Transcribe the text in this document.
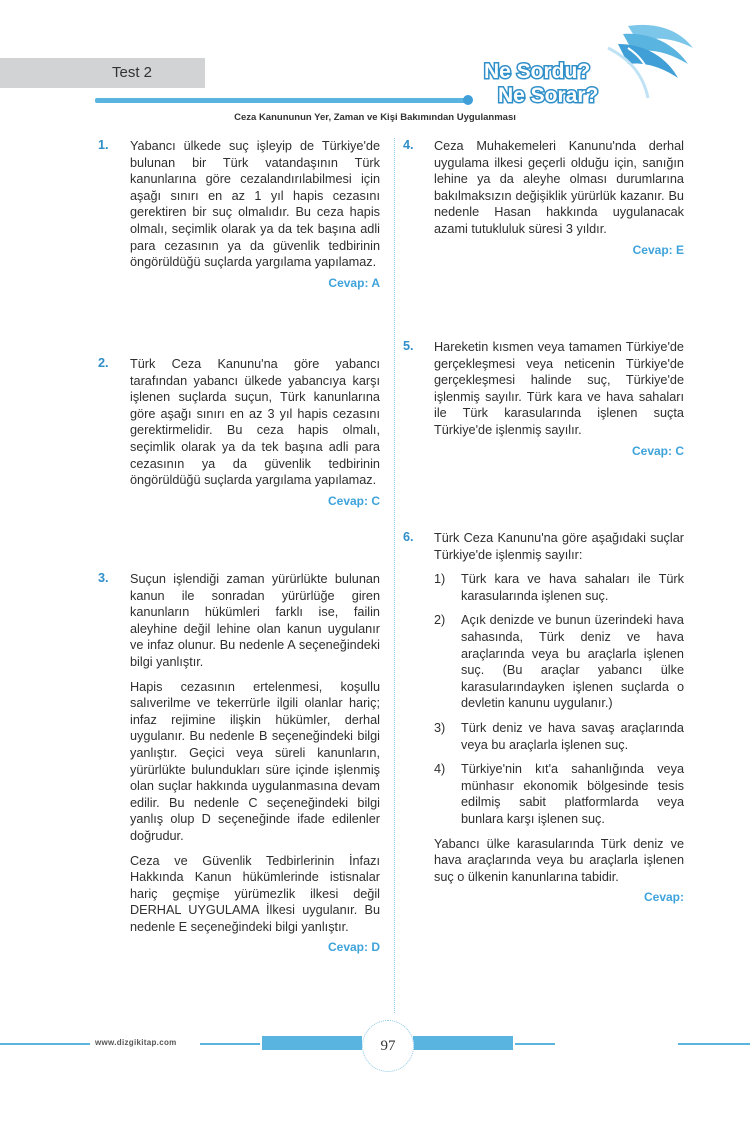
Test 2	Ne Sordu?
Ne Sorar?
Ceza Kanununun Yer, Zaman ve Kişi Bakımından Uygulanması
1. Yabancı ülkede suç işleyip de Türkiye'de bulunan bir Türk vatandaşının Türk kanunlarına göre cezalandırılabilmesi için aşağı sınırı en az 1 yıl hapis cezasını gerektiren bir suç olmalıdır. Bu ceza hapis olmalı, seçimlik olarak ya da tek başına adli para cezasının ya da güvenlik tedbirinin öngörüldüğü suçlarda yargılama yapılamaz.

Cevap: A
2. Türk Ceza Kanunu'na göre yabancı tarafından yabancı ülkede yabancıya karşı işlenen suçlarda suçun, Türk kanunlarına göre aşağı sınırı en az 3 yıl hapis cezasını gerektirmelidir. Bu ceza hapis olmalı, seçimlik olarak ya da tek başına adli para cezasının ya da güvenlik tedbirinin öngörüldüğü suçlarda yargılama yapılamaz.

Cevap: C
3. Suçun işlendiği zaman yürürlükte bulunan kanun ile sonradan yürürlüğe giren kanunların hükümleri farklı ise, failin aleyhine değil lehine olan kanun uygulanır ve infaz olunur. Bu nedenle A seçeneğindeki bilgi yanlıştır.

Hapis cezasının ertelenmesi, koşullu salıverilme ve tekerrürle ilgili olanlar hariç; infaz rejimine ilişkin hükümler, derhal uygulanır. Bu nedenle B seçeneğindeki bilgi yanlıştır. Geçici veya süreli kanunların, yürürlükte bulundukları süre içinde işlenmiş olan suçlar hakkında uygulanmasına devam edilir. Bu nedenle C seçeneğindeki bilgi yanlış olup D seçeneğinde ifade edilenler doğrudur.

Ceza ve Güvenlik Tedbirlerinin İnfazı Hakkında Kanun hükümlerinde istisnalar hariç geçmişe yürümezlik ilkesi değil DERHAL UYGULAMA İlkesi uygulanır. Bu nedenle E seçeneğindeki bilgi yanlıştır.

Cevap: D
4. Ceza Muhakemeleri Kanunu'nda derhal uygulama ilkesi geçerli olduğu için, sanığın lehine ya da aleyhe olması durumlarına bakılmaksızın değişiklik yürürlük kazanır. Bu nedenle Hasan hakkında uygulanacak azami tutukluluk süresi 3 yıldır.

Cevap: E
5. Hareketin kısmen veya tamamen Türkiye'de gerçekleşmesi veya neticenin Türkiye'de gerçekleşmesi halinde suç, Türkiye'de işlenmiş sayılır. Türk kara ve hava sahaları ile Türk karasularında işlenen suçta Türkiye'de işlenmiş sayılır.

Cevap: C
6. Türk Ceza Kanunu'na göre aşağıdaki suçlar Türkiye'de işlenmiş sayılır:

1) Türk kara ve hava sahaları ile Türk karasularında işlenen suç.
2) Açık denizde ve bunun üzerindeki hava sahasında, Türk deniz ve hava araçlarında veya bu araçlarla işlenen suç. (Bu araçlar yabancı ülke karasularındayken işlenen suçlarda o devletin kanunu uygulanır.)
3) Türk deniz ve hava savaş araçlarında veya bu araçlarla işlenen suç.
4) Türkiye'nin kıt'a sahanlığında veya münhasır ekonomik bölgesinde tesis edilmiş sabit platformlarda veya bunlara karşı işlenen suç.

Yabancı ülke karasularında Türk deniz ve hava araçlarında veya bu araçlarla işlenen suç o ülkenin kanunlarına tabidir.

Cevap:
www.dizgikitap.com	97
